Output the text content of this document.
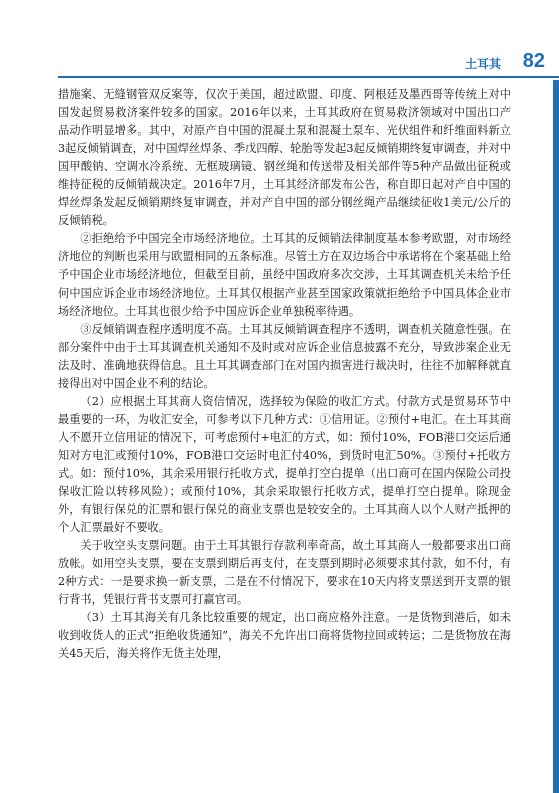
土耳其 82

措施案、无缝钢管双反案等，仅次于美国，超过欧盟、印度、阿根廷及墨西哥等传统上对中国发起贸易救济案件较多的国家。2016年以来，土耳其政府在贸易救济领域对中国出口产品动作明显增多。其中，对原产自中国的混凝土泵和混凝土泵车、光伏组件和纤维面料新立3起反倾销调查，对中国焊丝焊条、季戊四醇、轮胎等发起3起反倾销期终复审调查，并对中国甲酸钠、空调水冷系统、无框玻璃镜、钢丝绳和传送带及相关部件等5种产品做出征税或维持征税的反倾销裁决定。2016年7月，土耳其经济部发布公告，称自即日起对产自中国的焊丝焊条发起反倾销期终复审调查，并对产自中国的部分钢丝绳产品继续征收1美元/公斤的反倾销税。

②拒绝给予中国完全市场经济地位。土耳其的反倾销法律制度基本参考欧盟，对市场经济地位的判断也采用与欧盟相同的五条标准。尽管土方在双边场合中承诺将在个案基础上给予中国企业市场经济地位，但截至目前，虽经中国政府多次交涉，土耳其调查机关未给予任何中国应诉企业市场经济地位。土耳其仅根据产业甚至国家政策就拒绝给予中国具体企业市场经济地位。土耳其也很少给予中国应诉企业单独税率待遇。

③反倾销调查程序透明度不高。土耳其反倾销调查程序不透明，调查机关随意性强。在部分案件中由于土耳其调查机关通知不及时或对应诉企业信息披露不充分，导致涉案企业无法及时、准确地获得信息。且土耳其调查部门在对国内损害进行裁决时，往往不加解释就直接得出对中国企业不利的结论。

（2）应根据土耳其商人资信情况，选择较为保险的收汇方式。付款方式是贸易环节中最重要的一环，为收汇安全，可参考以下几种方式：①信用证。②预付+电汇。在土耳其商人不愿开立信用证的情况下，可考虑预付+电汇的方式，如：预付10%，FOB港口交运后通知对方电汇或预付10%，FOB港口交运时电汇付40%，到货时电汇50%。③预付+托收方式。如：预付10%，其余采用银行托收方式，提单打空白提单（出口商可在国内保险公司投保收汇险以转移风险）；或预付10%，其余采取银行托收方式，提单打空白提单。除现金外，有银行保兑的汇票和银行保兑的商业支票也是较安全的。土耳其商人以个人财产抵押的个人汇票最好不要收。

关于收空头支票问题。由于土耳其银行存款利率奇高，故土耳其商人一般都要求出口商放帐。如用空头支票，要在支票到期后再支付，在支票到期时必须要求其付款，如不付，有2种方式：一是要求换一新支票，二是在不付情况下，要求在10天内将支票送到开支票的银行背书，凭银行背书支票可打赢官司。

（3）土耳其海关有几条比较重要的规定，出口商应格外注意。一是货物到港后，如未收到收货人的正式“拒绝收货通知”，海关不允许出口商将货物拉回或转运；二是货物放在海关45天后，海关将作无货主处理，
